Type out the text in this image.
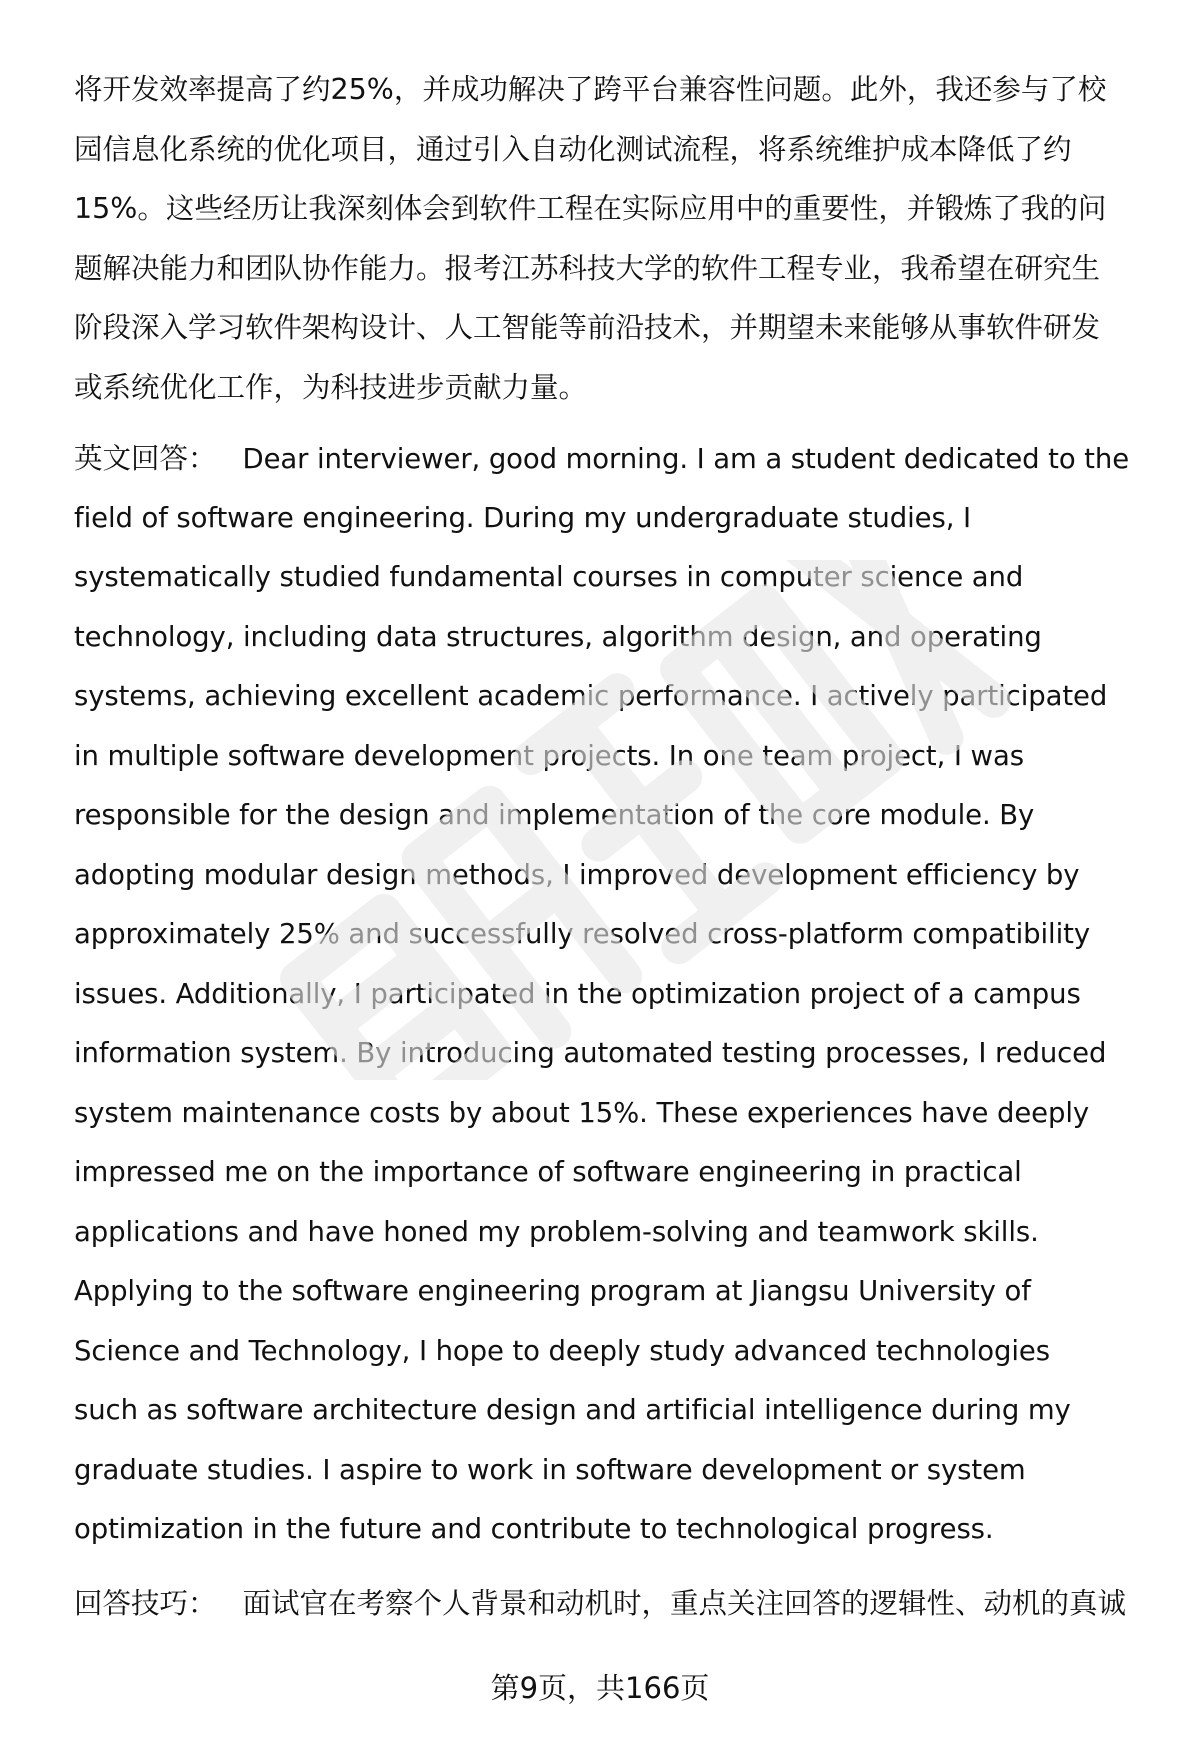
将开发效率提高了约25%，并成功解决了跨平台兼容性问题。此外，我还参与了校
园信息化系统的优化项目，通过引入自动化测试流程，将系统维护成本降低了约
15%。这些经历让我深刻体会到软件工程在实际应用中的重要性，并锻炼了我的问
题解决能力和团队协作能力。报考江苏科技大学的软件工程专业，我希望在研究生
阶段深入学习软件架构设计、人工智能等前沿技术，并期望未来能够从事软件研发
或系统优化工作，为科技进步贡献力量。
英文回答： Dear interviewer, good morning. I am a student dedicated to the
field of software engineering. During my undergraduate studies, I
systematically studied fundamental courses in computer science and
technology, including data structures, algorithm design, and operating
systems, achieving excellent academic performance. I actively participated
in multiple software development projects. In one team project, I was
responsible for the design and implementation of the core module. By
adopting modular design methods, I improved development efficiency by
approximately 25% and successfully resolved cross-platform compatibility
issues. Additionally, I participated in the optimization project of a campus
information system. By introducing automated testing processes, I reduced
system maintenance costs by about 15%. These experiences have deeply
impressed me on the importance of software engineering in practical
applications and have honed my problem-solving and teamwork skills.
Applying to the software engineering program at Jiangsu University of
Science and Technology, I hope to deeply study advanced technologies
such as software architecture design and artificial intelligence during my
graduate studies. I aspire to work in software development or system
optimization in the future and contribute to technological progress.
回答技巧： 面试官在考察个人背景和动机时，重点关注回答的逻辑性、动机的真诚
第9页，共166页
